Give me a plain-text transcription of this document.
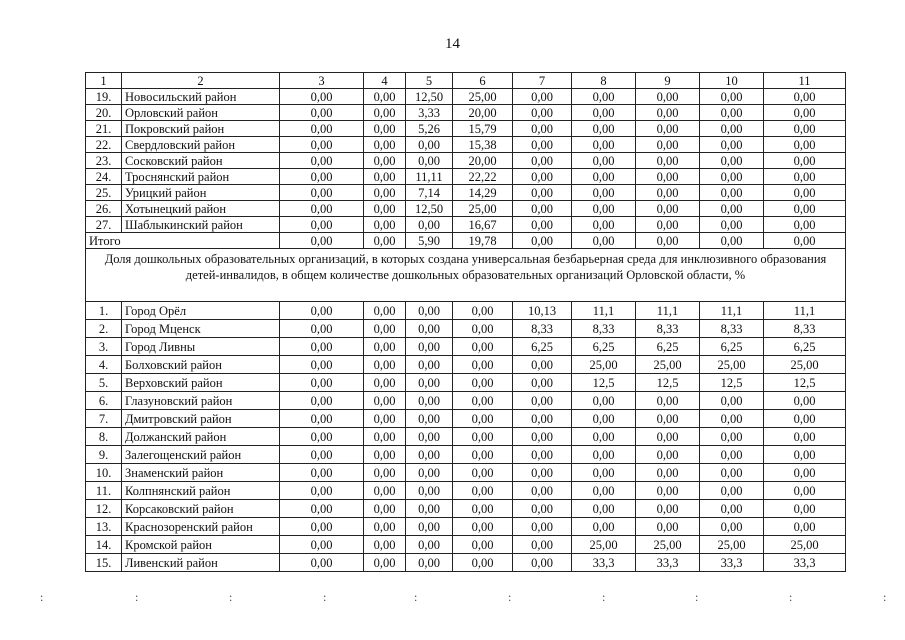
14
1	2	3	4	5	6	7	8	9	10	11
19.	Новосильский район	0,00	0,00	12,50	25,00	0,00	0,00	0,00	0,00	0,00
20.	Орловский район	0,00	0,00	3,33	20,00	0,00	0,00	0,00	0,00	0,00
21.	Покровский район	0,00	0,00	5,26	15,79	0,00	0,00	0,00	0,00	0,00
22.	Свердловский район	0,00	0,00	0,00	15,38	0,00	0,00	0,00	0,00	0,00
23.	Сосковский район	0,00	0,00	0,00	20,00	0,00	0,00	0,00	0,00	0,00
24.	Троснянский район	0,00	0,00	11,11	22,22	0,00	0,00	0,00	0,00	0,00
25.	Урицкий район	0,00	0,00	7,14	14,29	0,00	0,00	0,00	0,00	0,00
26.	Хотынецкий район	0,00	0,00	12,50	25,00	0,00	0,00	0,00	0,00	0,00
27.	Шаблыкинский район	0,00	0,00	0,00	16,67	0,00	0,00	0,00	0,00	0,00
Итого		0,00	0,00	5,90	19,78	0,00	0,00	0,00	0,00	0,00
Доля дошкольных образовательных организаций, в которых создана универсальная безбарьерная среда для инклюзивного образования детей-инвалидов, в общем количестве дошкольных образовательных организаций Орловской области, %										
1.	Город Орёл	0,00	0,00	0,00	0,00	10,13	11,1	11,1	11,1	11,1
2.	Город Мценск	0,00	0,00	0,00	0,00	8,33	8,33	8,33	8,33	8,33
3.	Город Ливны	0,00	0,00	0,00	0,00	6,25	6,25	6,25	6,25	6,25
4.	Болховский район	0,00	0,00	0,00	0,00	0,00	25,00	25,00	25,00	25,00
5.	Верховский район	0,00	0,00	0,00	0,00	0,00	12,5	12,5	12,5	12,5
6.	Глазуновский район	0,00	0,00	0,00	0,00	0,00	0,00	0,00	0,00	0,00
7.	Дмитровский район	0,00	0,00	0,00	0,00	0,00	0,00	0,00	0,00	0,00
8.	Должанский район	0,00	0,00	0,00	0,00	0,00	0,00	0,00	0,00	0,00
9.	Залегощенский район	0,00	0,00	0,00	0,00	0,00	0,00	0,00	0,00	0,00
10.	Знаменский район	0,00	0,00	0,00	0,00	0,00	0,00	0,00	0,00	0,00
11.	Колпнянский район	0,00	0,00	0,00	0,00	0,00	0,00	0,00	0,00	0,00
12.	Корсаковский район	0,00	0,00	0,00	0,00	0,00	0,00	0,00	0,00	0,00
13.	Краснозоренский район	0,00	0,00	0,00	0,00	0,00	0,00	0,00	0,00	0,00
14.	Кромской район	0,00	0,00	0,00	0,00	0,00	25,00	25,00	25,00	25,00
15.	Ливенский район	0,00	0,00	0,00	0,00	0,00	33,3	33,3	33,3	33,3
:	:	:	:	:	:	:	:	:	:
